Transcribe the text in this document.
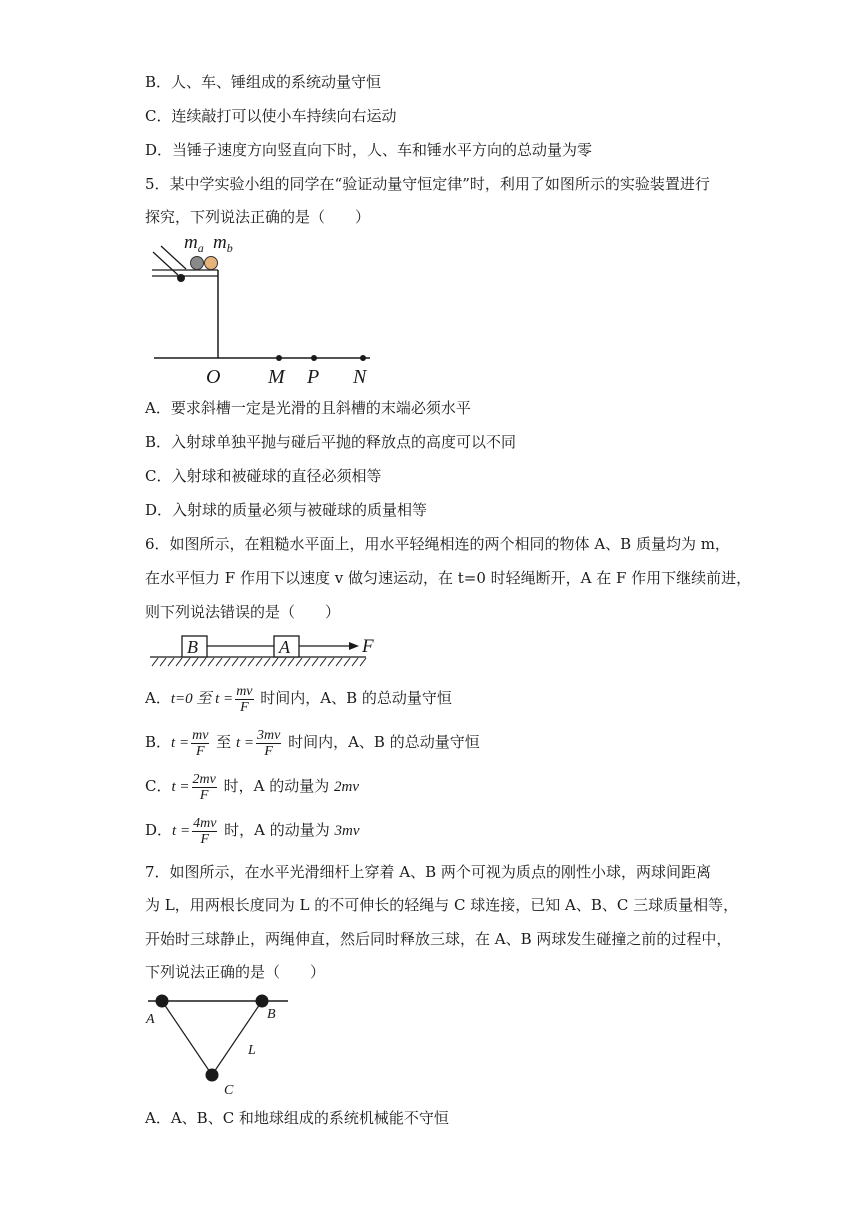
B．人、车、锤组成的系统动量守恒
C．连续敲打可以使小车持续向右运动
D．当锤子速度方向竖直向下时，人、车和锤水平方向的总动量为零
5．某中学实验小组的同学在“验证动量守恒定律”时，利用了如图所示的实验装置进行
探究，下列说法正确的是（　　）
$m_a$ $m_b$
O M P N
A．要求斜槽一定是光滑的且斜槽的末端必须水平
B．入射球单独平抛与碰后平抛的释放点的高度可以不同
C．入射球和被碰球的直径必须相等
D．入射球的质量必须与被碰球的质量相等
6．如图所示，在粗糙水平面上，用水平轻绳相连的两个相同的物体 A、B 质量均为 m，
在水平恒力 F 作用下以速度 v 做匀速运动，在 t=0 时轻绳断开，A 在 F 作用下继续前进，
则下列说法错误的是（　　）
B	A	F
A．t=0 至 $t = \frac{mv}{F}$ 时间内，A、B 的总动量守恒
B．$t = \frac{mv}{F}$ 至 $t = \frac{3mv}{F}$ 时间内，A、B 的总动量守恒
C．$t = \frac{2mv}{F}$ 时，A 的动量为 2mv
D．$t = \frac{4mv}{F}$ 时，A 的动量为 3mv
7．如图所示，在水平光滑细杆上穿着 A、B 两个可视为质点的刚性小球，两球间距离
为 L，用两根长度同为 L 的不可伸长的轻绳与 C 球连接，已知 A、B、C 三球质量相等，
开始时三球静止，两绳伸直，然后同时释放三球，在 A、B 两球发生碰撞之前的过程中，
下列说法正确的是（　　）
A	B
L
C
A．A、B、C 和地球组成的系统机械能不守恒
